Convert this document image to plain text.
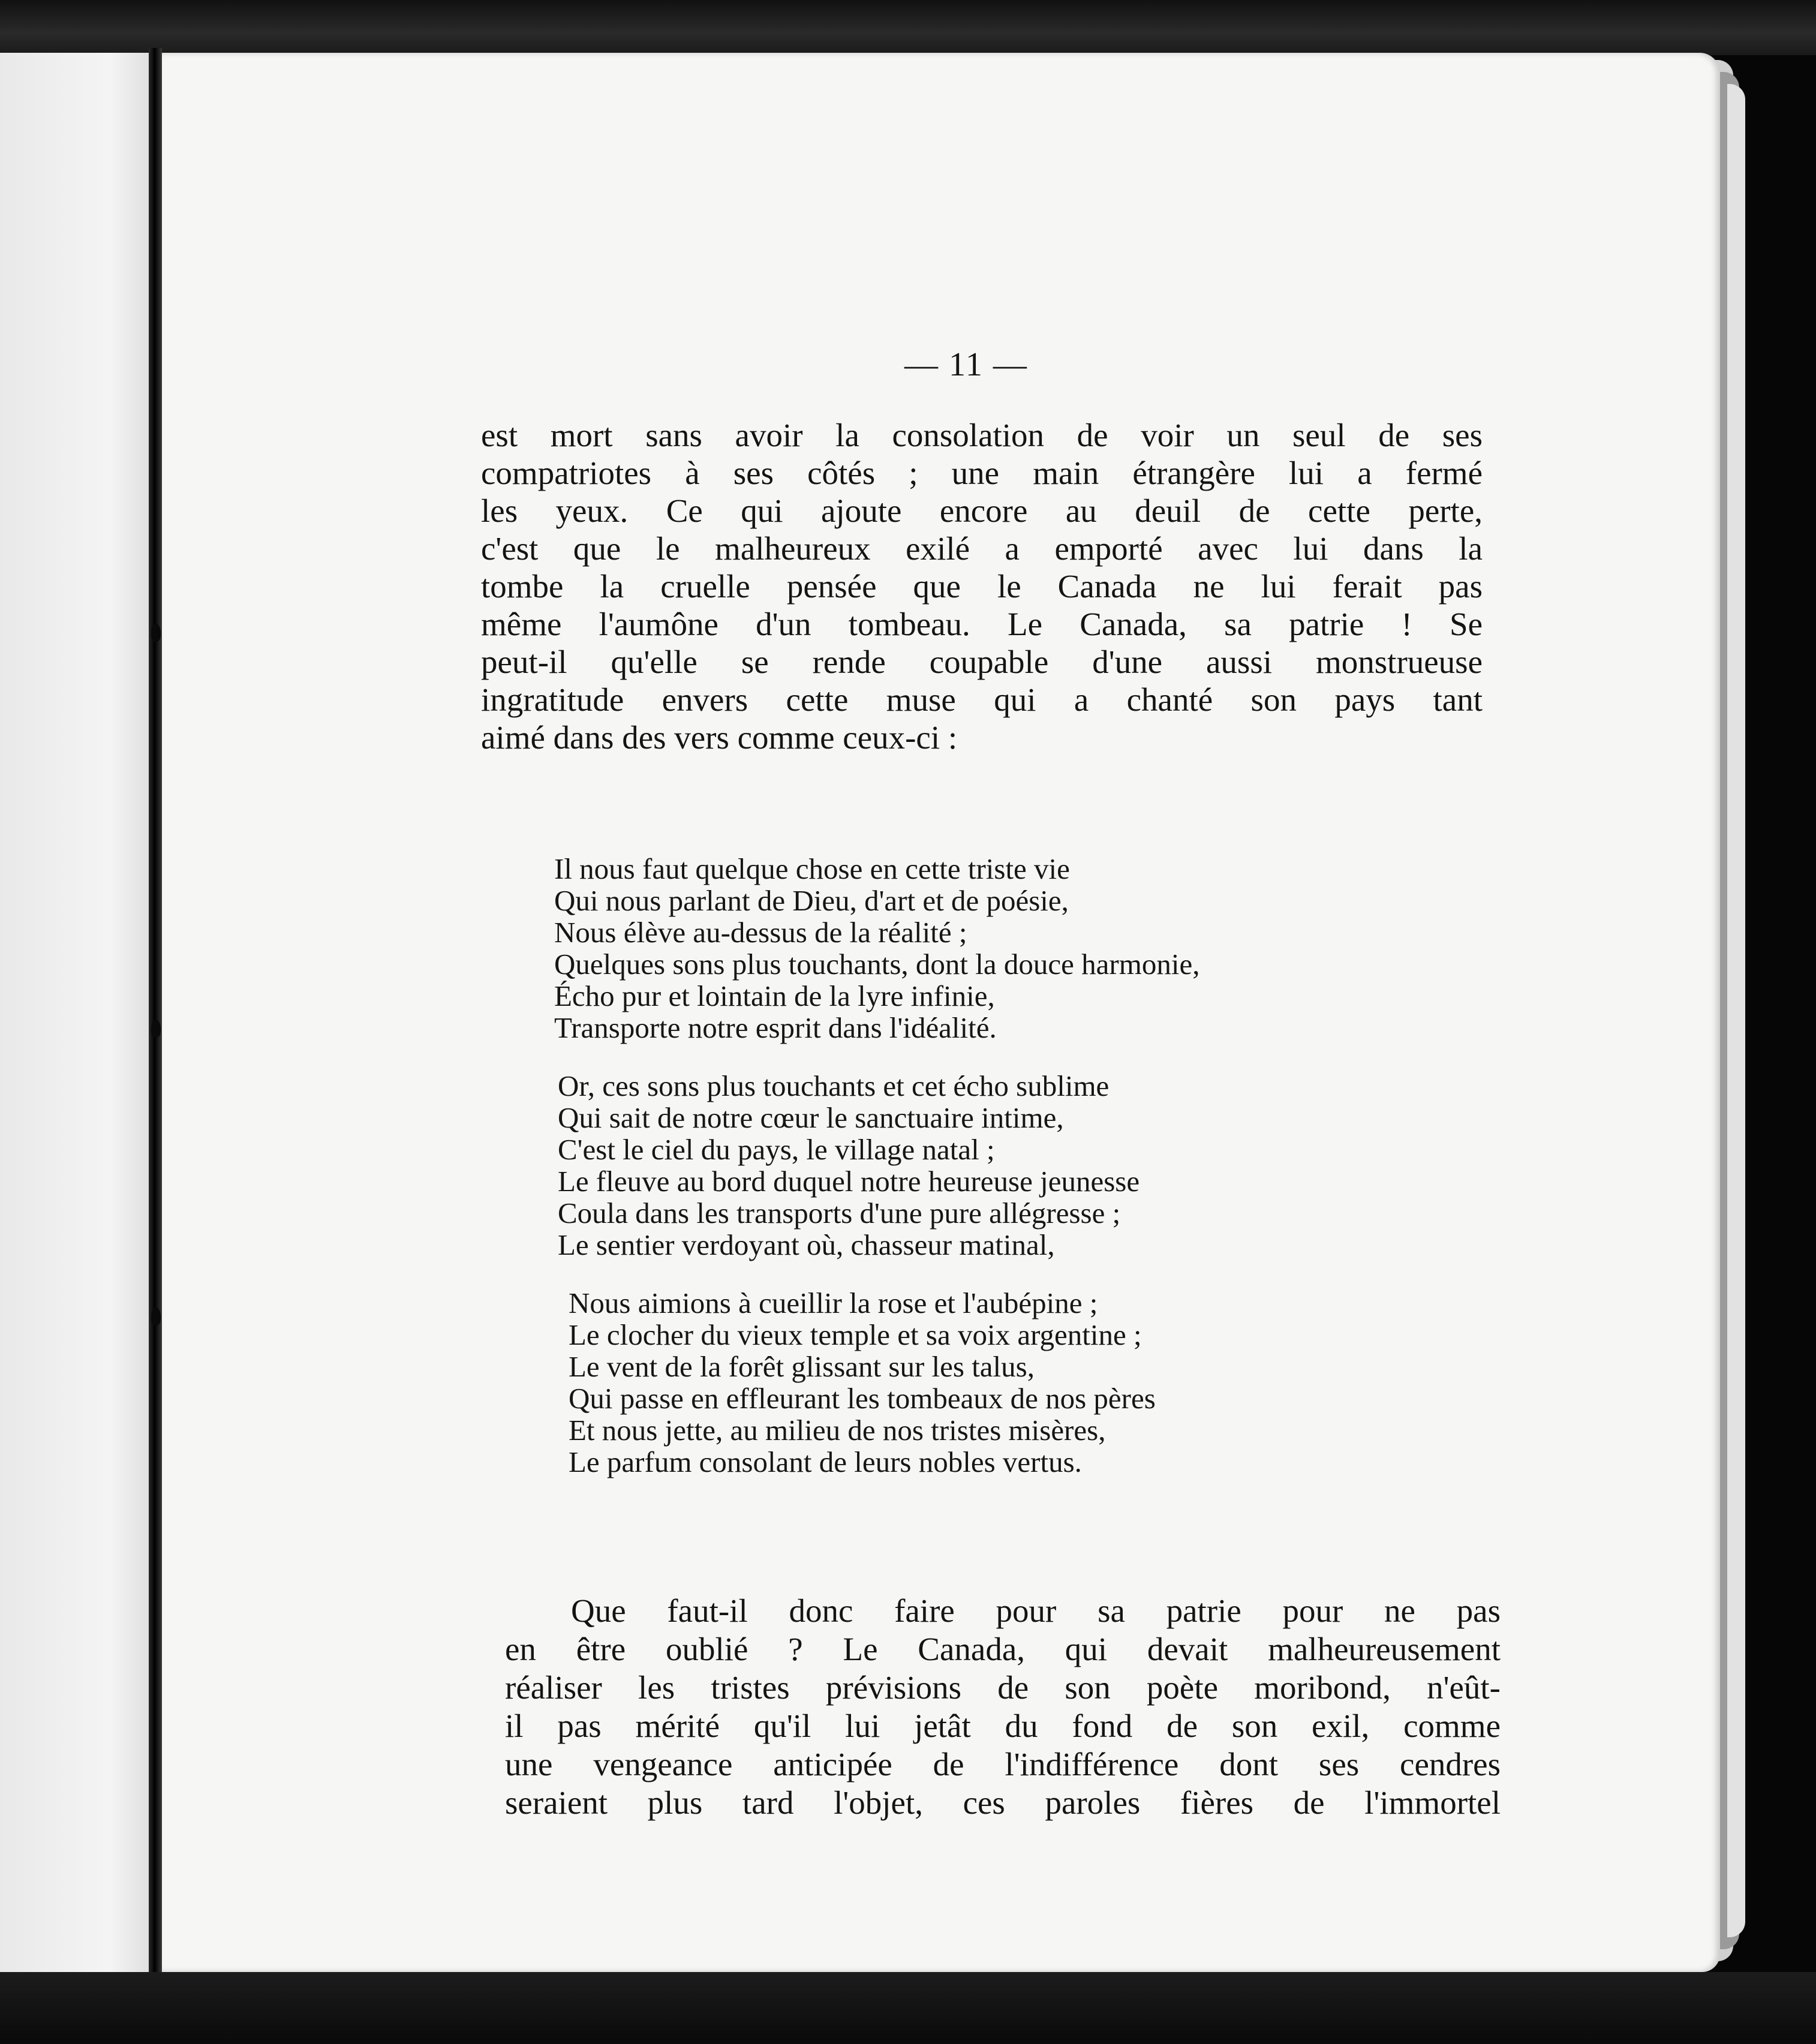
— 11 —
est mort sans avoir la consolation de voir un seul de ses
compatriotes à ses côtés ; une main étrangère lui a fermé
les yeux. Ce qui ajoute encore au deuil de cette perte,
c'est que le malheureux exilé a emporté avec lui dans la
tombe la cruelle pensée que le Canada ne lui ferait pas
même l'aumône d'un tombeau. Le Canada, sa patrie ! Se
peut-il qu'elle se rende coupable d'une aussi monstrueuse
ingratitude envers cette muse qui a chanté son pays tant
aimé dans des vers comme ceux-ci :
Il nous faut quelque chose en cette triste vie
Qui nous parlant de Dieu, d'art et de poésie,
Nous élève au-dessus de la réalité ;
Quelques sons plus touchants, dont la douce harmonie,
Écho pur et lointain de la lyre infinie,
Transporte notre esprit dans l'idéalité.
Or, ces sons plus touchants et cet écho sublime
Qui sait de notre cœur le sanctuaire intime,
C'est le ciel du pays, le village natal ;
Le fleuve au bord duquel notre heureuse jeunesse
Coula dans les transports d'une pure allégresse ;
Le sentier verdoyant où, chasseur matinal,
Nous aimions à cueillir la rose et l'aubépine ;
Le clocher du vieux temple et sa voix argentine ;
Le vent de la forêt glissant sur les talus,
Qui passe en effleurant les tombeaux de nos pères
Et nous jette, au milieu de nos tristes misères,
Le parfum consolant de leurs nobles vertus.
Que faut-il donc faire pour sa patrie pour ne pas
en être oublié ? Le Canada, qui devait malheureusement
réaliser les tristes prévisions de son poète moribond, n'eût-
il pas mérité qu'il lui jetât du fond de son exil, comme
une vengeance anticipée de l'indifférence dont ses cendres
seraient plus tard l'objet, ces paroles fières de l'immortel
